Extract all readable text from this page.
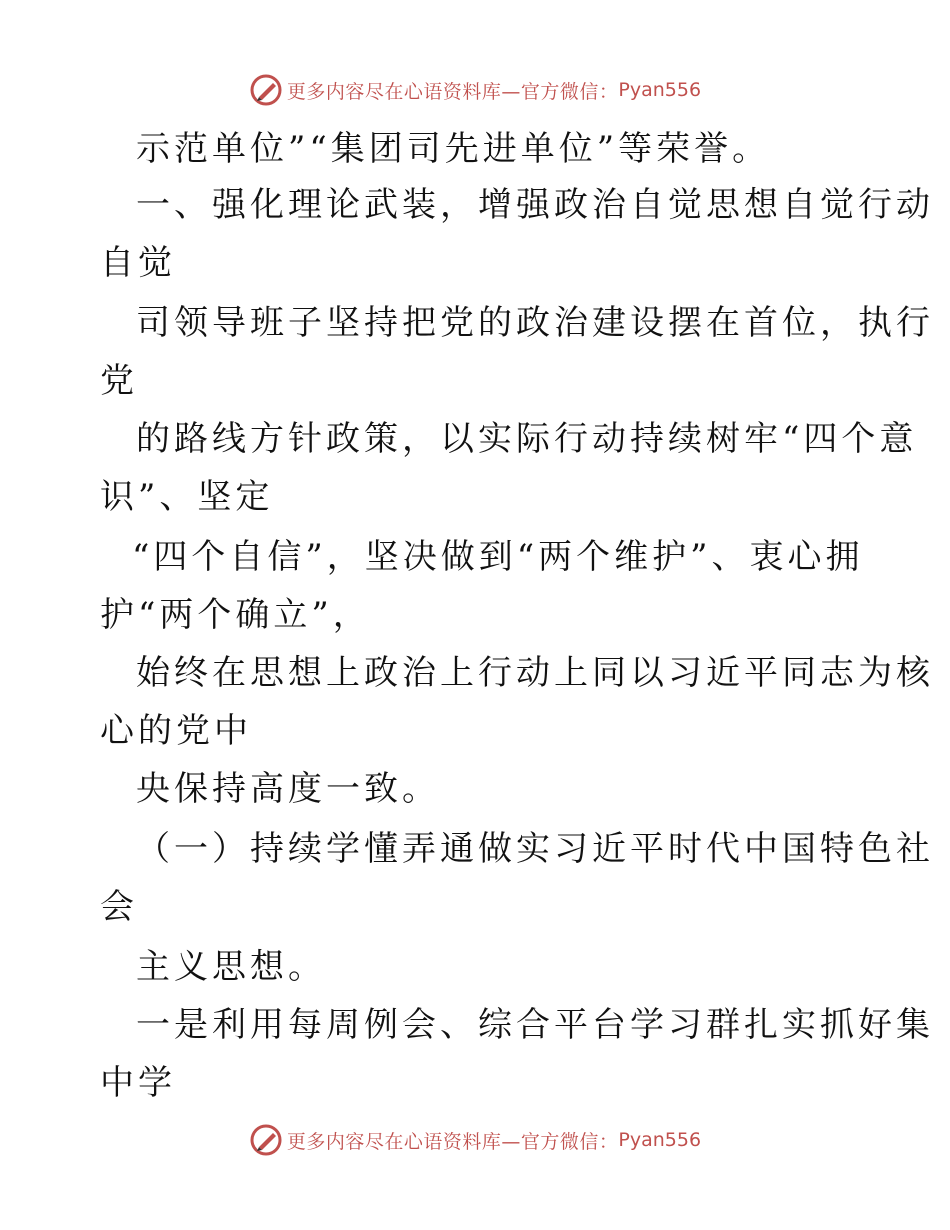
更多内容尽在心语资料库—官方微信： Pyan556
示范单位”“集团司先进单位”等荣誉。
一、强化理论武装，增强政治自觉思想自觉行动
自觉
司领导班子坚持把党的政治建设摆在首位，执行
党
的路线方针政策，以实际行动持续树牢“四个意
识”、坚定
“四个自信”，坚决做到“两个维护”、衷心拥
护“两个确立”，
始终在思想上政治上行动上同以习近平同志为核
心的党中
央保持高度一致。
（一）持续学懂弄通做实习近平时代中国特色社
会
主义思想。
一是利用每周例会、综合平台学习群扎实抓好集
中学
更多内容尽在心语资料库—官方微信： Pyan556
